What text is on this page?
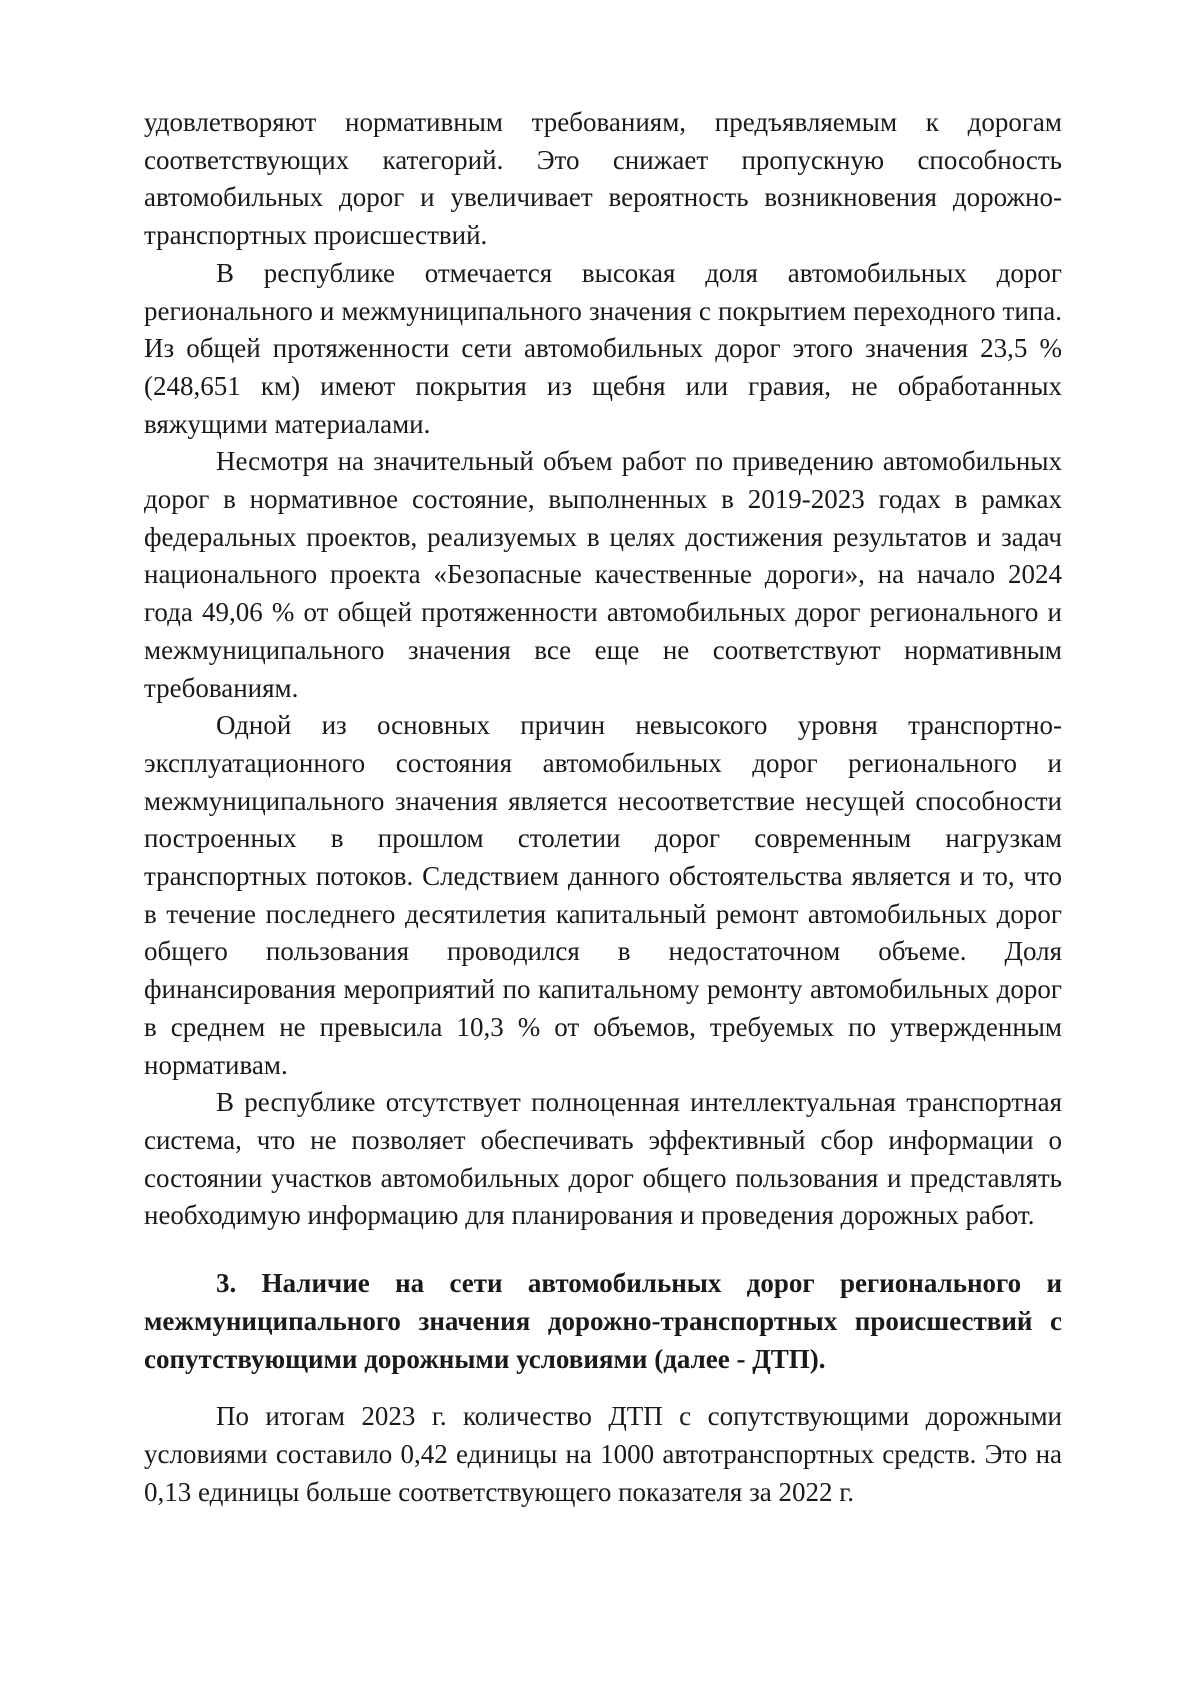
удовлетворяют нормативным требованиям, предъявляемым к дорогам соответствующих категорий. Это снижает пропускную способность автомобильных дорог и увеличивает вероятность возникновения дорожно-транспортных происшествий.

В республике отмечается высокая доля автомобильных дорог регионального и межмуниципального значения с покрытием переходного типа. Из общей протяженности сети автомобильных дорог этого значения 23,5 % (248,651 км) имеют покрытия из щебня или гравия, не обработанных вяжущими материалами.

Несмотря на значительный объем работ по приведению автомобильных дорог в нормативное состояние, выполненных в 2019-2023 годах в рамках федеральных проектов, реализуемых в целях достижения результатов и задач национального проекта «Безопасные качественные дороги», на начало 2024 года 49,06 % от общей протяженности автомобильных дорог регионального и межмуниципального значения все еще не соответствуют нормативным требованиям.

Одной из основных причин невысокого уровня транспортно-эксплуатационного состояния автомобильных дорог регионального и межмуниципального значения является несоответствие несущей способности построенных в прошлом столетии дорог современным нагрузкам транспортных потоков. Следствием данного обстоятельства является и то, что в течение последнего десятилетия капитальный ремонт автомобильных дорог общего пользования проводился в недостаточном объеме. Доля финансирования мероприятий по капитальному ремонту автомобильных дорог в среднем не превысила 10,3 % от объемов, требуемых по утвержденным нормативам.

В республике отсутствует полноценная интеллектуальная транспортная система, что не позволяет обеспечивать эффективный сбор информации о состоянии участков автомобильных дорог общего пользования и представлять необходимую информацию для планирования и проведения дорожных работ.

3. Наличие на сети автомобильных дорог регионального и межмуниципального значения дорожно-транспортных происшествий с сопутствующими дорожными условиями (далее - ДТП).

По итогам 2023 г. количество ДТП с сопутствующими дорожными условиями составило 0,42 единицы на 1000 автотранспортных средств. Это на 0,13 единицы больше соответствующего показателя за 2022 г.
